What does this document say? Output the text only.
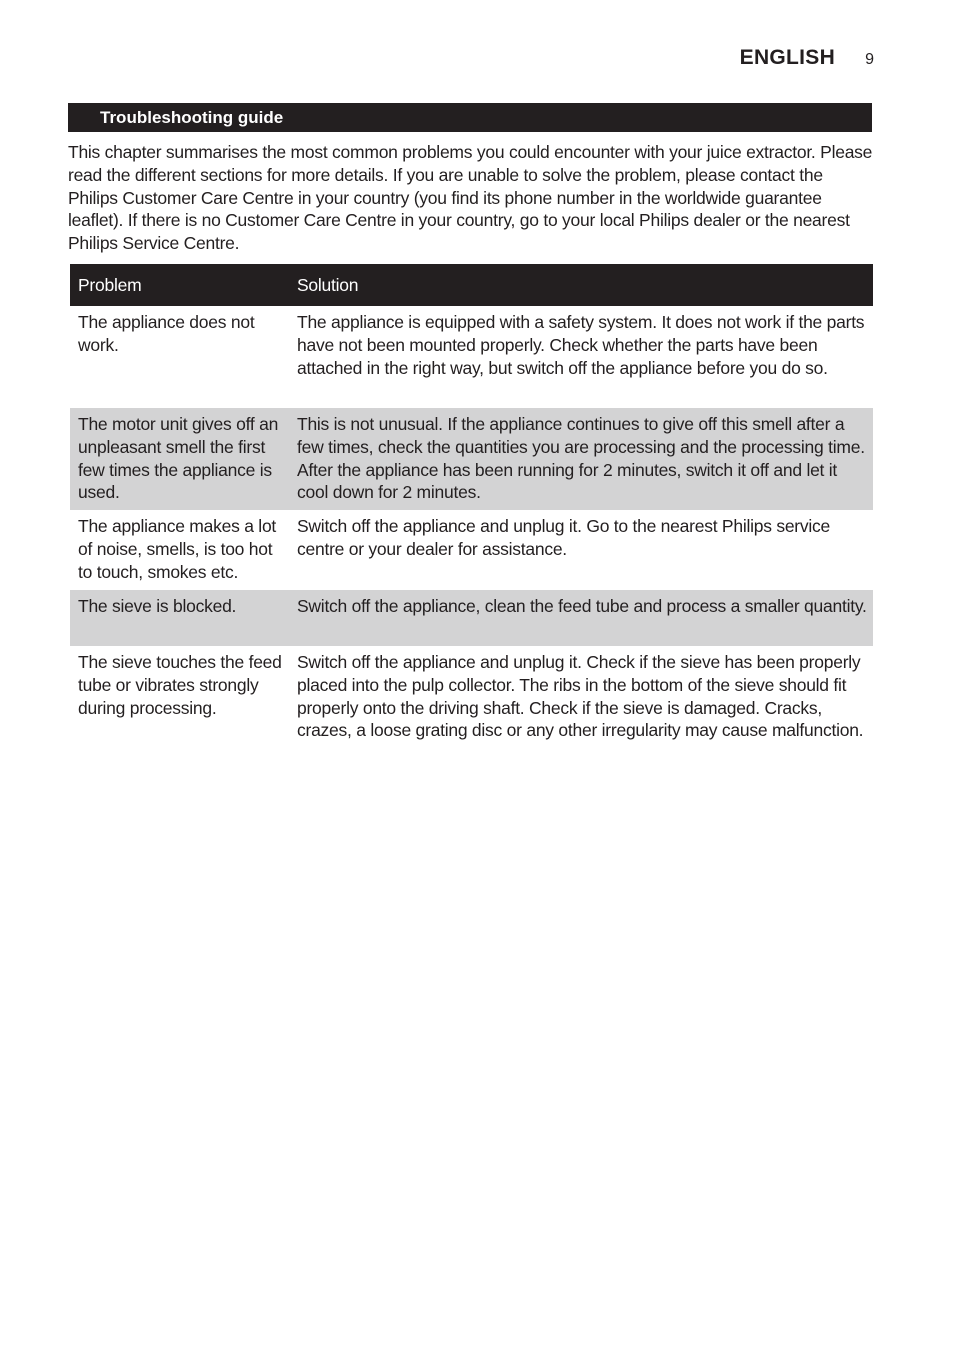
ENGLISH 9
Troubleshooting guide

This chapter summarises the most common problems you could encounter with your juice extractor. Please read the different sections for more details. If you are unable to solve the problem, please contact the Philips Customer Care Centre in your country (you find its phone number in the worldwide guarantee leaflet). If there is no Customer Care Centre in your country, go to your local Philips dealer or the nearest Philips Service Centre.

Problem	Solution
The appliance does not work.	The appliance is equipped with a safety system. It does not work if the parts have not been mounted properly. Check whether the parts have been attached in the right way, but switch off the appliance before you do so.
The motor unit gives off an unpleasant smell the first few times the appliance is used.	This is not unusual. If the appliance continues to give off this smell after a few times, check the quantities you are processing and the processing time. After the appliance has been running for 2 minutes, switch it off and let it cool down for 2 minutes.
The appliance makes a lot of noise, smells, is too hot to touch, smokes etc.	Switch off the appliance and unplug it. Go to the nearest Philips service centre or your dealer for assistance.
The sieve is blocked.	Switch off the appliance, clean the feed tube and process a smaller quantity.
The sieve touches the feed tube or vibrates strongly during processing.	Switch off the appliance and unplug it. Check if the sieve has been properly placed into the pulp collector. The ribs in the bottom of the sieve should fit properly onto the driving shaft. Check if the sieve is damaged. Cracks, crazes, a loose grating disc or any other irregularity may cause malfunction.
